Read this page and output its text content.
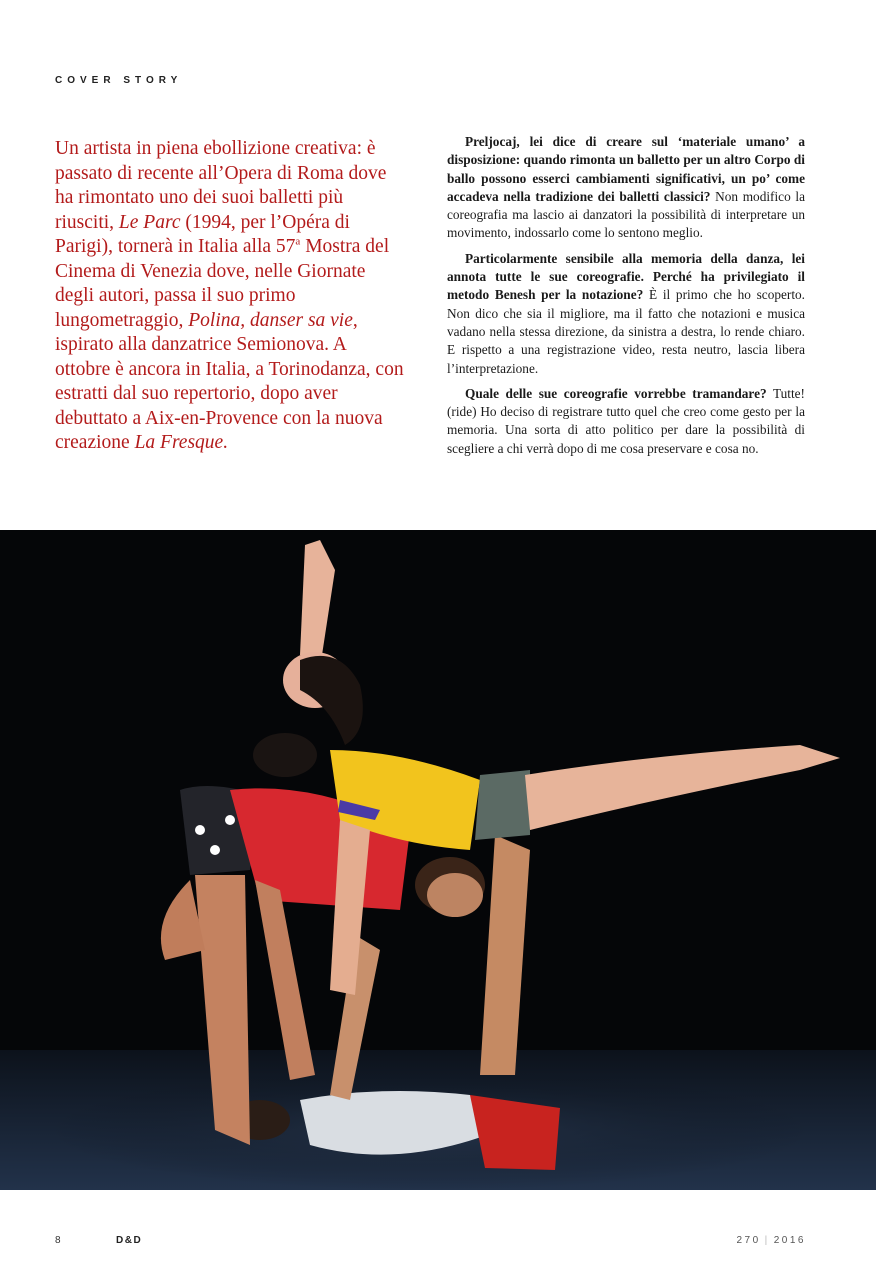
COVER STORY
Un artista in piena ebollizione creativa: è passato di recente all’Opera di Roma dove ha rimontato uno dei suoi balletti più riusciti, Le Parc (1994, per l’Opéra di Parigi), tornerà in Italia alla 57$^a$ Mostra del Cinema di Venezia dove, nelle Giornate degli autori, passa il suo primo lungometraggio, Polina, danser sa vie, ispirato alla danzatrice Semionova. A ottobre è ancora in Italia, a Torinodanza, con estratti dal suo repertorio, dopo aver debuttato a Aix-en-Provence con la nuova creazione La Fresque.

Preljocaj, lei dice di creare sul ‘materiale umano’ a disposizione: quando rimonta un balletto per un altro Corpo di ballo possono esserci cambiamenti significativi, un po’ come accadeva nella tradizione dei balletti classici? Non modifico la coreografia ma lascio ai danzatori la possibilità di interpretare un movimento, indossarlo come lo sentono meglio.

Particolarmente sensibile alla memoria della danza, lei annota tutte le sue coreografie. Perché ha privilegiato il metodo Benesh per la notazione? È il primo che ho scoperto. Non dico che sia il migliore, ma il fatto che notazioni e musica vadano nella stessa direzione, da sinistra a destra, lo rende chiaro. E rispetto a una registrazione video, resta neutro, lascia libera l’interpretazione.

Quale delle sue coreografie vorrebbe tramandare? Tutte! (ride) Ho deciso di registrare tutto quel che creo come gesto per la memoria. Una sorta di atto politico per dare la possibilità di scegliere a chi verrà dopo di me cosa preservare e cosa no.

8	D&D	270 | 2016
